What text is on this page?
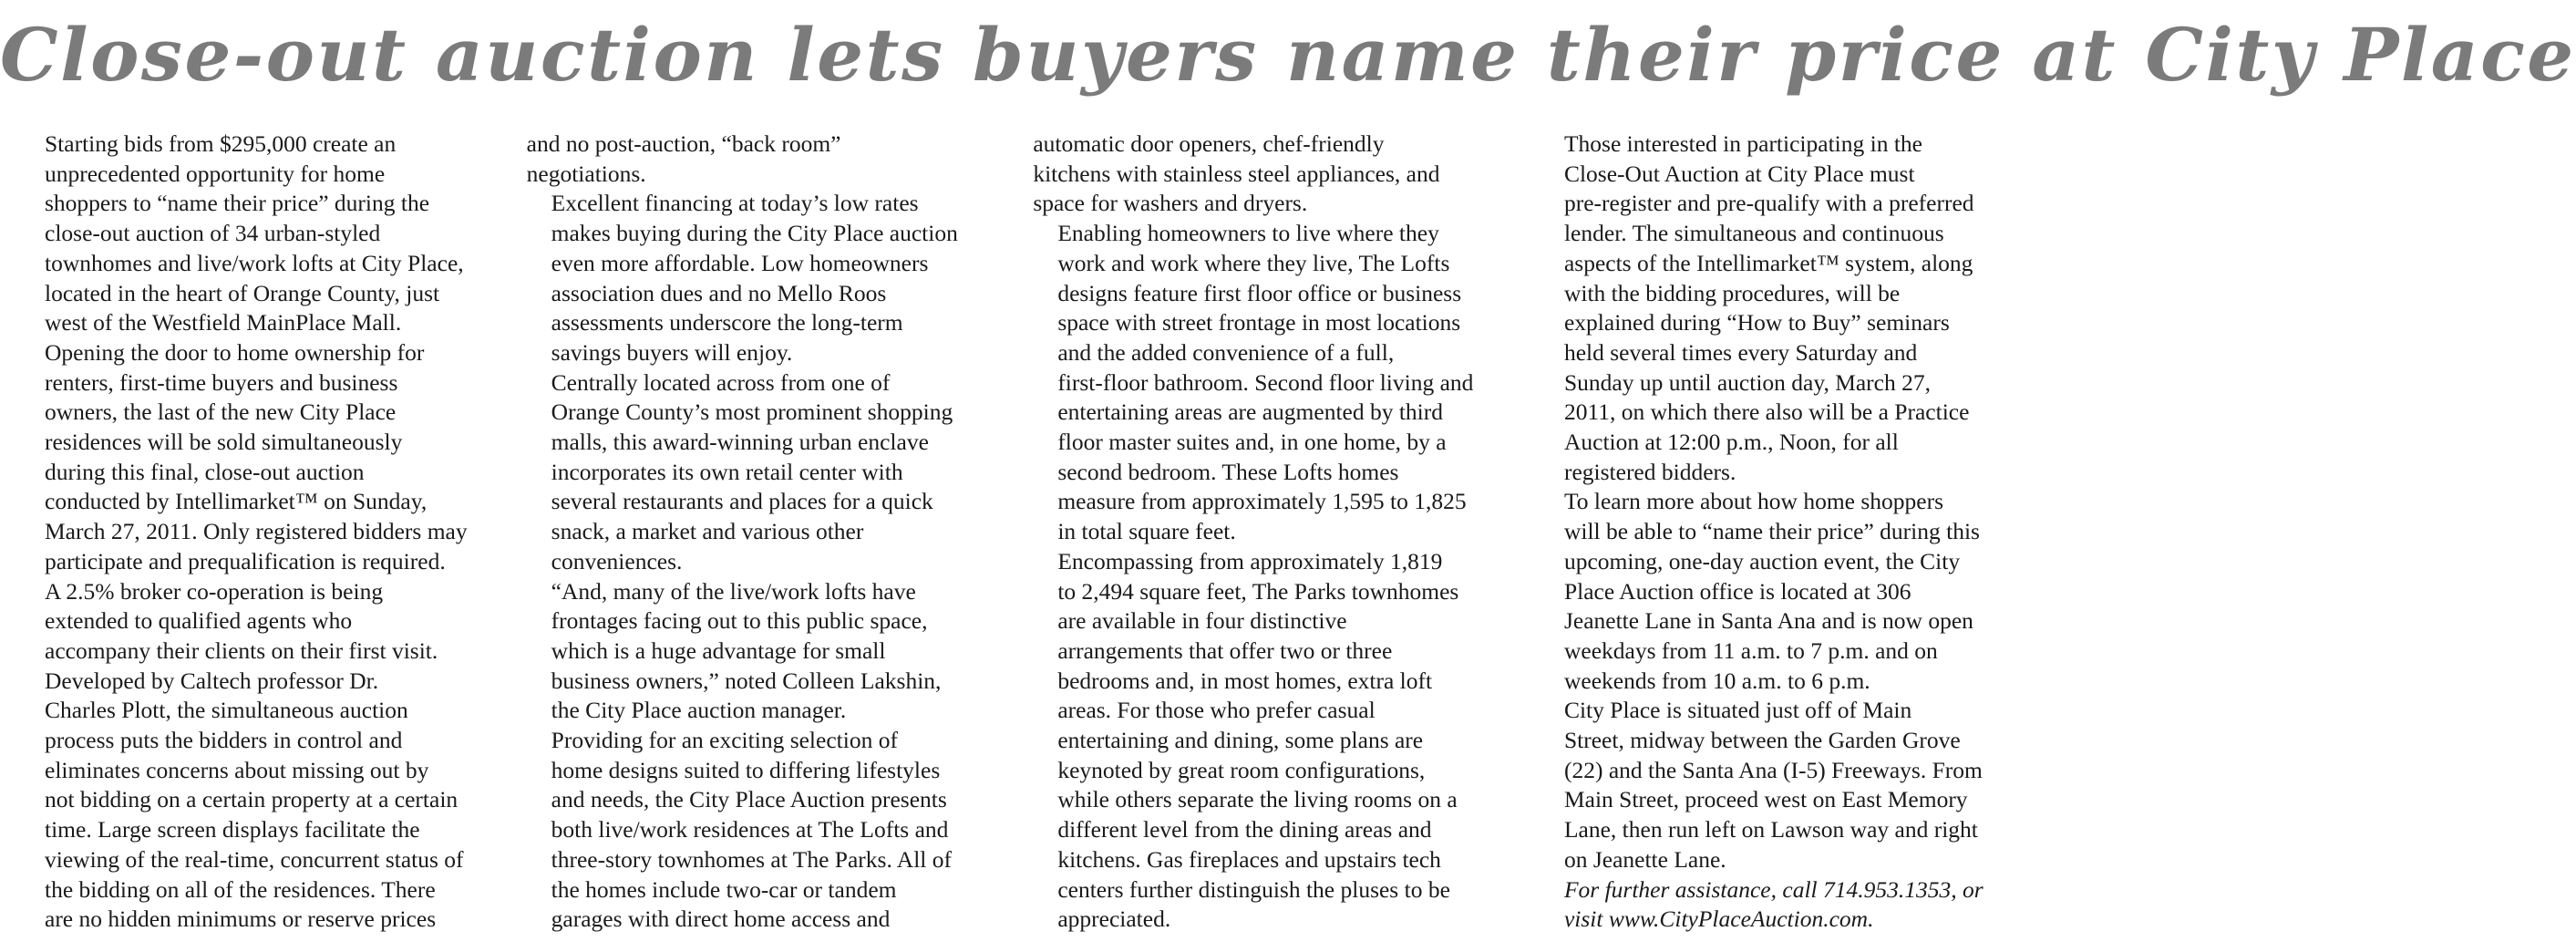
Close-out auction lets buyers name their price at City Place

Starting bids from $295,000 create an
unprecedented opportunity for home
shoppers to “name their price” during the
close-out auction of 34 urban-styled
townhomes and live/work lofts at City Place,
located in the heart of Orange County, just
west of the Westfield MainPlace Mall.

Opening the door to home ownership for
renters, first-time buyers and business
owners, the last of the new City Place
residences will be sold simultaneously
during this final, close-out auction
conducted by Intellimarket™ on Sunday,
March 27, 2011. Only registered bidders may
participate and prequalification is required.
A 2.5% broker co-operation is being
extended to qualified agents who
accompany their clients on their first visit.

Developed by Caltech professor Dr.
Charles Plott, the simultaneous auction
process puts the bidders in control and
eliminates concerns about missing out by
not bidding on a certain property at a certain
time. Large screen displays facilitate the
viewing of the real-time, concurrent status of
the bidding on all of the residences. There
are no hidden minimums or reserve prices

and no post-auction, “back room”
negotiations.

Excellent financing at today’s low rates
makes buying during the City Place auction
even more affordable. Low homeowners
association dues and no Mello Roos
assessments underscore the long-term
savings buyers will enjoy.

Centrally located across from one of
Orange County’s most prominent shopping
malls, this award-winning urban enclave
incorporates its own retail center with
several restaurants and places for a quick
snack, a market and various other
conveniences.

“And, many of the live/work lofts have
frontages facing out to this public space,
which is a huge advantage for small
business owners,” noted Colleen Lakshin,
the City Place auction manager.

Providing for an exciting selection of
home designs suited to differing lifestyles
and needs, the City Place Auction presents
both live/work residences at The Lofts and
three-story townhomes at The Parks. All of
the homes include two-car or tandem
garages with direct home access and

automatic door openers, chef-friendly
kitchens with stainless steel appliances, and
space for washers and dryers.

Enabling homeowners to live where they
work and work where they live, The Lofts
designs feature first floor office or business
space with street frontage in most locations
and the added convenience of a full,
first-floor bathroom. Second floor living and
entertaining areas are augmented by third
floor master suites and, in one home, by a
second bedroom. These Lofts homes
measure from approximately 1,595 to 1,825
in total square feet.

Encompassing from approximately 1,819
to 2,494 square feet, The Parks townhomes
are available in four distinctive
arrangements that offer two or three
bedrooms and, in most homes, extra loft
areas. For those who prefer casual
entertaining and dining, some plans are
keynoted by great room configurations,
while others separate the living rooms on a
different level from the dining areas and
kitchens. Gas fireplaces and upstairs tech
centers further distinguish the pluses to be
appreciated.

Those interested in participating in the
Close-Out Auction at City Place must
pre-register and pre-qualify with a preferred
lender. The simultaneous and continuous
aspects of the Intellimarket™ system, along
with the bidding procedures, will be
explained during “How to Buy” seminars
held several times every Saturday and
Sunday up until auction day, March 27,
2011, on which there also will be a Practice
Auction at 12:00 p.m., Noon, for all
registered bidders.

To learn more about how home shoppers
will be able to “name their price” during this
upcoming, one-day auction event, the City
Place Auction office is located at 306
Jeanette Lane in Santa Ana and is now open
weekdays from 11 a.m. to 7 p.m. and on
weekends from 10 a.m. to 6 p.m.

City Place is situated just off of Main
Street, midway between the Garden Grove
(22) and the Santa Ana (I-5) Freeways. From
Main Street, proceed west on East Memory
Lane, then run left on Lawson way and right
on Jeanette Lane.

For further assistance, call 714.953.1353, or
visit www.CityPlaceAuction.com.
